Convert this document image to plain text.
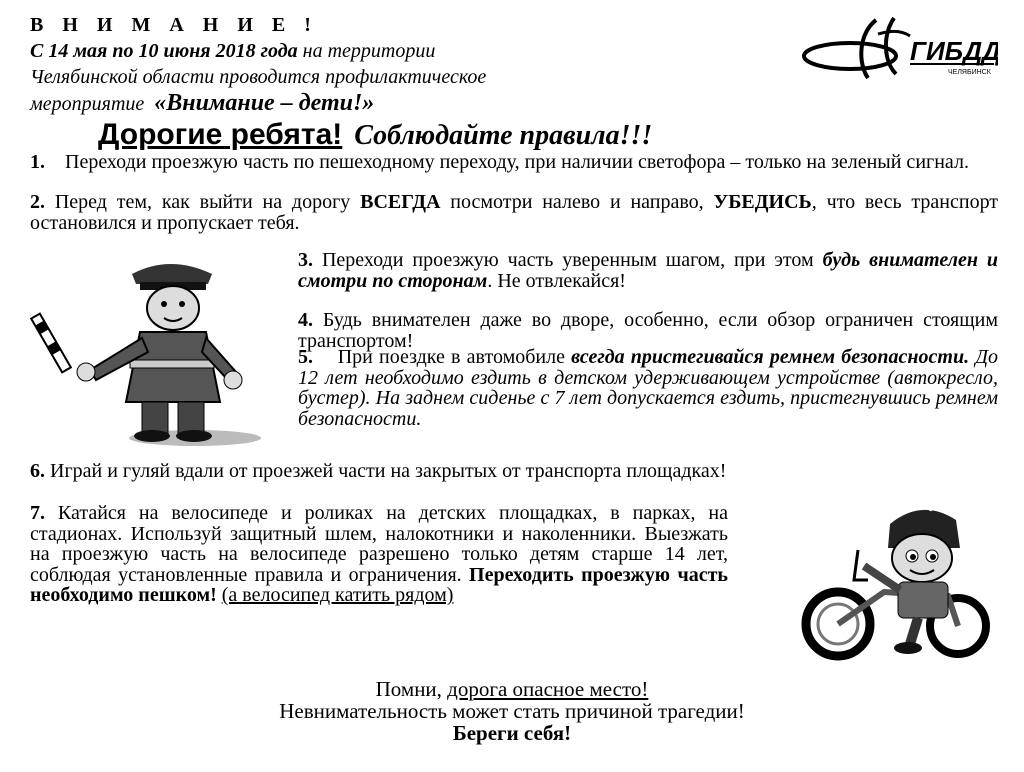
В Н И М А Н И Е !
С 14 мая по 10 июня 2018 года на территории
Челябинской области проводится профилактическое
мероприятие «Внимание – дети!»
ГИБДД
ЧЕЛЯБИНСК
Дорогие ребята! Соблюдайте правила!!!
1. Переходи проезжую часть по пешеходному переходу, при наличии светофора – только на зеленый сигнал.
2. Перед тем, как выйти на дорогу ВСЕГДА посмотри налево и направо, УБЕДИСЬ, что весь транспорт остановился и пропускает тебя.
3. Переходи проезжую часть уверенным шагом, при этом будь внимателен и смотри по сторонам. Не отвлекайся!
4. Будь внимателен даже во дворе, особенно, если обзор ограничен стоящим транспортом!
5. При поездке в автомобиле всегда пристегивайся ремнем безопасности. До 12 лет необходимо ездить в детском удерживающем устройстве (автокресло, бустер). На заднем сиденье с 7 лет допускается ездить, пристегнувшись ремнем безопасности.
6. Играй и гуляй вдали от проезжей части на закрытых от транспорта площадках!
7. Катайся на велосипеде и роликах на детских площадках, в парках, на стадионах. Используй защитный шлем, налокотники и наколенники. Выезжать на проезжую часть на велосипеде разрешено только детям старше 14 лет, соблюдая установленные правила и ограничения. Переходить проезжую часть необходимо пешком! (а велосипед катить рядом)
Помни, дорога опасное место!
Невнимательность может стать причиной трагедии!
Береги себя!
